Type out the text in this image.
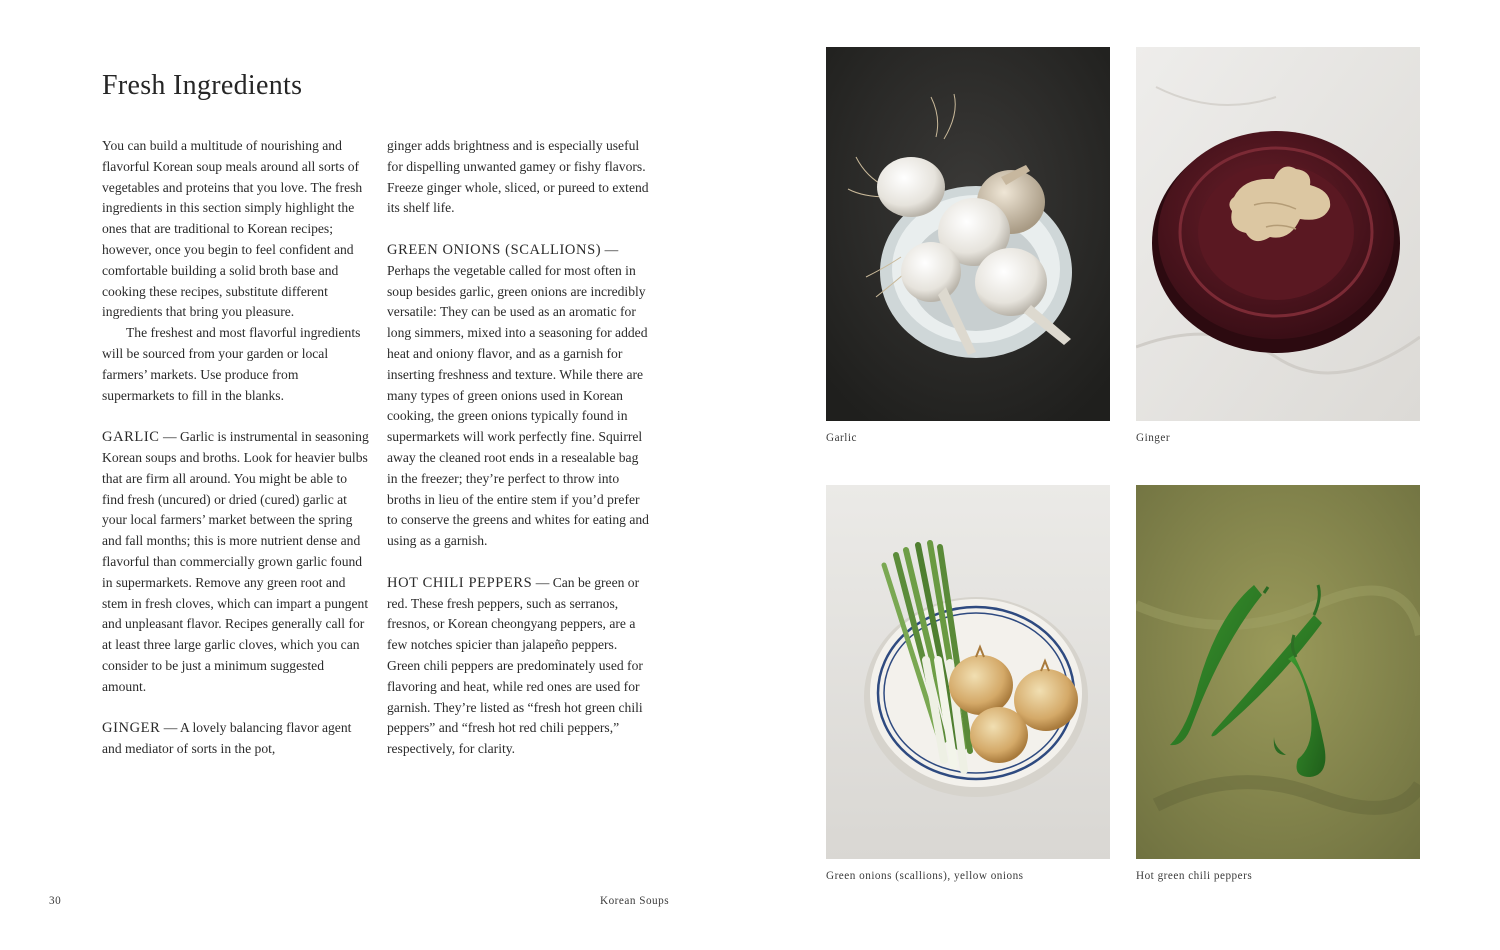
Fresh Ingredients

You can build a multitude of nourishing and flavorful Korean soup meals around all sorts of vegetables and proteins that you love. The fresh ingredients in this section simply highlight the ones that are traditional to Korean recipes; however, once you begin to feel confident and comfortable building a solid broth base and cooking these recipes, substitute different ingredients that bring you pleasure.

The freshest and most flavorful ingredients will be sourced from your garden or local farmers’ markets. Use produce from supermarkets to fill in the blanks.

GARLIC — Garlic is instrumental in seasoning Korean soups and broths. Look for heavier bulbs that are firm all around. You might be able to find fresh (uncured) or dried (cured) garlic at your local farmers’ market between the spring and fall months; this is more nutrient dense and flavorful than commercially grown garlic found in supermarkets. Remove any green root and stem in fresh cloves, which can impart a pungent and unpleasant flavor. Recipes generally call for at least three large garlic cloves, which you can consider to be just a minimum suggested amount.

GINGER — A lovely balancing flavor agent and mediator of sorts in the pot,

ginger adds brightness and is especially useful for dispelling unwanted gamey or fishy flavors. Freeze ginger whole, sliced, or pureed to extend its shelf life.

GREEN ONIONS (SCALLIONS) — Perhaps the vegetable called for most often in soup besides garlic, green onions are incredibly versatile: They can be used as an aromatic for long simmers, mixed into a seasoning for added heat and oniony flavor, and as a garnish for inserting freshness and texture. While there are many types of green onions used in Korean cooking, the green onions typically found in supermarkets will work perfectly fine. Squirrel away the cleaned root ends in a resealable bag in the freezer; they’re perfect to throw into broths in lieu of the entire stem if you’d prefer to conserve the greens and whites for eating and using as a garnish.

HOT CHILI PEPPERS — Can be green or red. These fresh peppers, such as serranos, fresnos, or Korean cheongyang peppers, are a few notches spicier than jalapeño peppers. Green chili peppers are predominately used for flavoring and heat, while red ones are used for garnish. They’re listed as “fresh hot green chili peppers” and “fresh hot red chili peppers,” respectively, for clarity.

Garlic	Ginger
Green onions (scallions), yellow onions	Hot green chili peppers
30	Korean Soups
